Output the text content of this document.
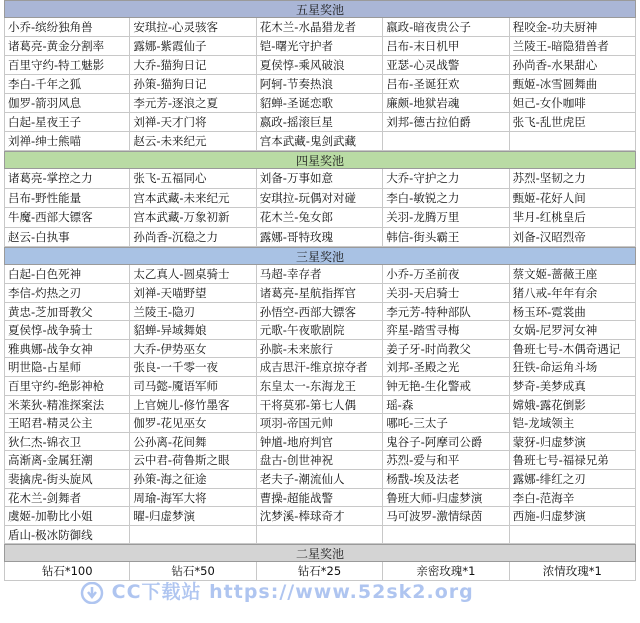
五星奖池
小乔-缤纷独角兽	安琪拉-心灵骇客	花木兰-水晶猎龙者	嬴政-暗夜贵公子	程咬金-功夫厨神
诸葛亮-黄金分割率	露娜-紫霞仙子	铠-曙光守护者	吕布-末日机甲	兰陵王-暗隐猎兽者
百里守约-特工魅影	大乔-猫狗日记	夏侯惇-乘风破浪	亚瑟-心灵战警	孙尚香-水果甜心
李白-千年之狐	孙策-猫狗日记	阿轲-节奏热浪	吕布-圣诞狂欢	甄姬-冰雪圆舞曲
伽罗-箭羽风息	李元芳-逐浪之夏	貂蝉-圣诞恋歌	廉颇-地狱岩魂	妲己-女仆咖啡
白起-星夜王子	刘禅-天才门将	嬴政-摇滚巨星	刘邦-德古拉伯爵	张飞-乱世虎臣
刘禅-绅士熊喵	赵云-未来纪元	宫本武藏-鬼剑武藏
四星奖池
诸葛亮-掌控之力	张飞-五福同心	刘备-万事如意	大乔-守护之力	苏烈-坚韧之力
吕布-野性能量	宫本武藏-未来纪元	安琪拉-玩偶对对碰	李白-敏锐之力	甄姬-花好人间
牛魔-西部大镖客	宫本武藏-万象初新	花木兰-兔女郎	关羽-龙腾万里	芈月-红桃皇后
赵云-白执事	孙尚香-沉稳之力	露娜-哥特玫瑰	韩信-街头霸王	刘备-汉昭烈帝
三星奖池
白起-白色死神	太乙真人-圆桌骑士	马超-幸存者	小乔-万圣前夜	蔡文姬-蔷薇王座
李信-灼热之刃	刘禅-天喵野望	诸葛亮-星航指挥官	关羽-天启骑士	猪八戒-年年有余
黄忠-芝加哥教父	兰陵王-隐刃	孙悟空-西部大镖客	李元芳-特种部队	杨玉环-霓裳曲
夏侯惇-战争骑士	貂蝉-异域舞娘	元歌-午夜歌剧院	弈星-踏雪寻梅	女娲-尼罗河女神
雅典娜-战争女神	大乔-伊势巫女	孙膑-未来旅行	姜子牙-时尚教父	鲁班七号-木偶奇遇记
明世隐-占星师	张良-一千零一夜	成吉思汗-维京掠夺者	刘邦-圣殿之光	狂铁-命运角斗场
百里守约-绝影神枪	司马懿-魇语军师	东皇太一-东海龙王	钟无艳-生化警戒	梦奇-美梦成真
米莱狄-精准探案法	上官婉儿-修竹墨客	干将莫邪-第七人偶	瑶-森	嫦娥-露花倒影
王昭君-精灵公主	伽罗-花见巫女	项羽-帝国元帅	哪吒-三太子	铠-龙域领主
狄仁杰-锦衣卫	公孙离-花间舞	钟馗-地府判官	鬼谷子-阿摩司公爵	蒙犽-归虚梦演
高渐离-金属狂潮	云中君-荷鲁斯之眼	盘古-创世神祝	苏烈-爱与和平	鲁班七号-福禄兄弟
裴擒虎-街头旋风	孙策-海之征途	老夫子-潮流仙人	杨戬-埃及法老	露娜-绯红之刃
花木兰-剑舞者	周瑜-海军大将	曹操-超能战警	鲁班大师-归虚梦演	李白-范海辛
虞姬-加勒比小姐	曜-归虚梦演	沈梦溪-棒球奇才	马可波罗-激情绿茵	西施-归虚梦演
盾山-极冰防御线
二星奖池
钻石*100	钻石*50	钻石*25	亲密玫瑰*1	浓情玫瑰*1
CC下载站 https://www.52sk2.org
